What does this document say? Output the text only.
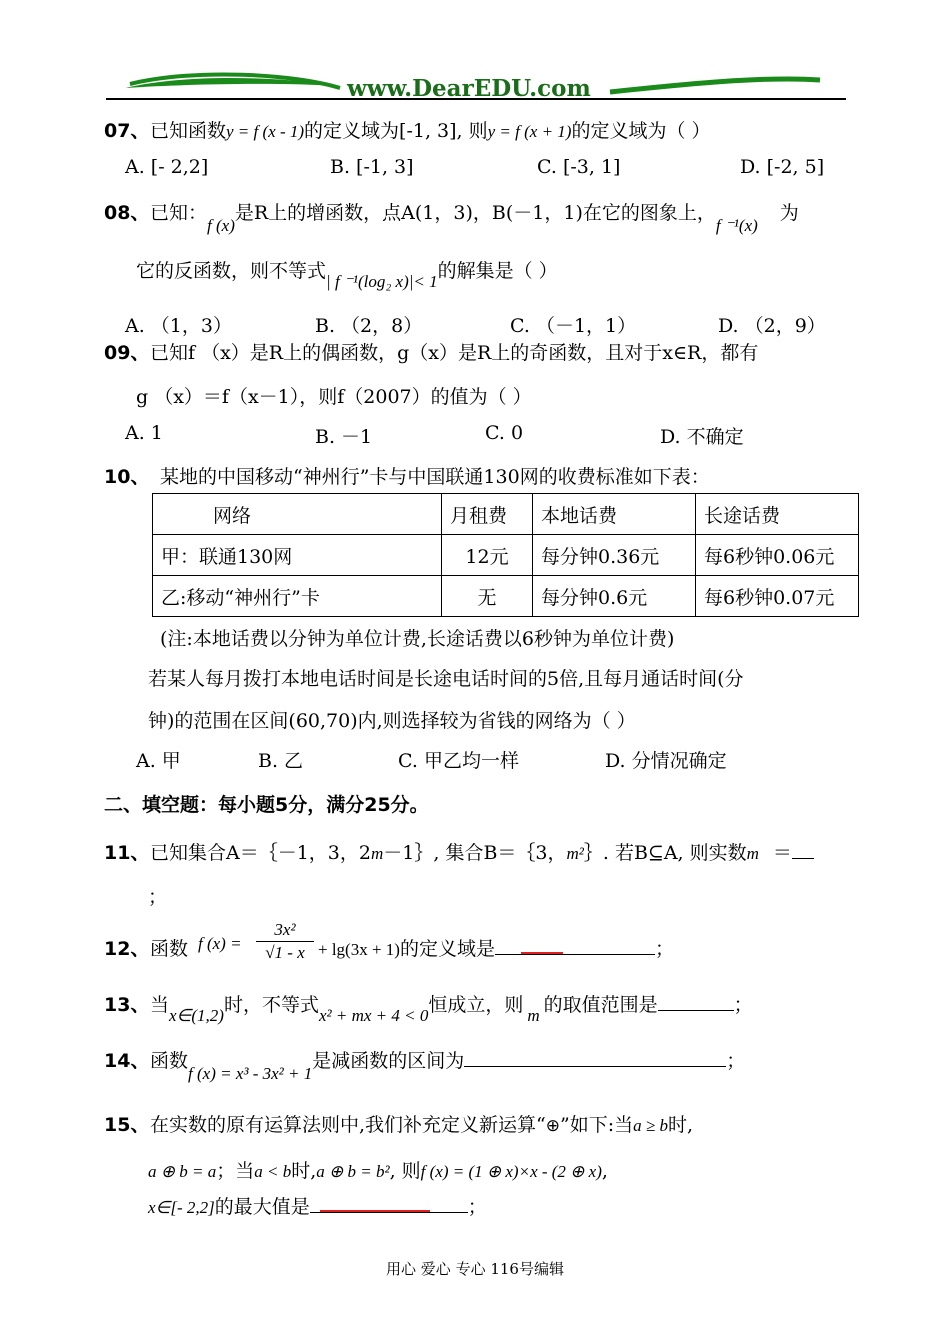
www.DearEDU.com
07、 已知函数y = f (x - 1)的定义域为[-1, 3], 则y = f (x + 1)的定义域为（ ）
A. [- 2,2]	B. [-1, 3]	C. [-3, 1]	D. [-2, 5]
08、 已知：f (x)是R上的增函数，点A(1，3)，B(－1，1)在它的图象上，f ⁻¹(x)为
它的反函数，则不等式| f ⁻¹(log₂ x)|< 1的解集是（ ）
A. （1，3）	B. （2，8）	C. （－1，1）	D. （2，9）
09、 已知f （x）是R上的偶函数，g（x）是R上的奇函数，且对于x∈R，都有
g （x）＝f（x－1），则f（2007）的值为（ ）
A. 1	B. －1	C. 0	D. 不确定
10、 某地的中国移动“神州行”卡与中国联通130网的收费标准如下表：
网络	月租费	本地话费	长途话费
甲：联通130网	12元	每分钟0.36元	每6秒钟0.06元
乙:移动“神州行”卡	无	每分钟0.6元	每6秒钟0.07元
(注:本地话费以分钟为单位计费,长途话费以6秒钟为单位计费)
若某人每月拨打本地电话时间是长途电话时间的5倍,且每月通话时间(分
钟)的范围在区间(60,70)内,则选择较为省钱的网络为（ ）
A. 甲	B. 乙	C. 甲乙均一样	D. 分情况确定
二、填空题：每小题5分，满分25分。
11、 已知集合A＝｛－1，3，2m－1｝, 集合B＝｛3，m²｝. 若B⊆A, 则实数m ＝
；
12、 函数 f (x) =
3x²
√1 - x + lg(3x + 1)的定义域是	；
13、 当x∈(1,2)时，不等式x² + mx + 4 < 0恒成立，则 m 的取值范围是	；
14、 函数f (x) = x³ - 3x² + 1是减函数的区间为	；
15、 在实数的原有运算法则中,我们补充定义新运算“⊕”如下:当a ≥ b时,
a ⊕ b = a；当a < b时,a ⊕ b = b², 则f (x) = (1 ⊕ x)×x - (2 ⊕ x),
x∈[- 2,2]的最大值是	；
用心 爱心 专心 116号编辑
